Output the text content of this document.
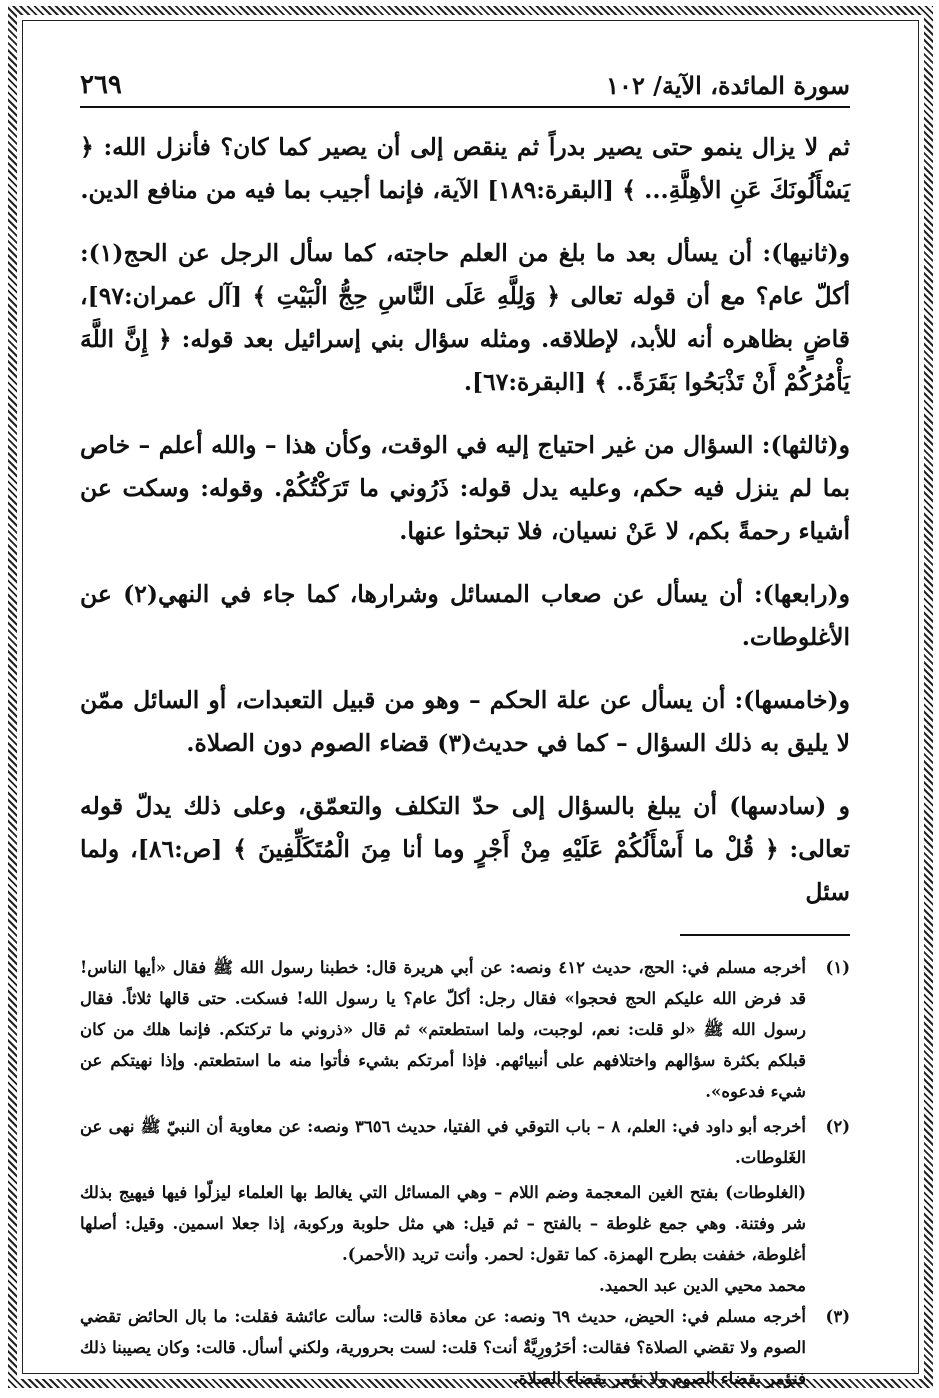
سورة المائدة، الآية/ ١٠٢
٢٦٩

ثم لا يزال ينمو حتى يصير بدراً ثم ينقص إلى أن يصير كما كان؟ فأنزل الله: ﴿ يَسْأَلُونَكَ عَنِ الأهِلَّةِ... ﴾ [البقرة:١٨٩] الآية، فإنما أجيب بما فيه من منافع الدين.

و(ثانيها): أن يسأل بعد ما بلغ من العلم حاجته، كما سأل الرجل عن الحج(١): أكلّ عام؟ مع أن قوله تعالى ﴿ وَلِلَّهِ عَلَى النَّاسِ حِجُّ الْبَيْتِ ﴾ [آل عمران:٩٧]، قاضٍ بظاهره أنه للأبد، لإطلاقه. ومثله سؤال بني إسرائيل بعد قوله: ﴿ إِنَّ اللَّهَ يَأْمُرُكُمْ أَنْ تَذْبَحُوا بَقَرَةً.. ﴾ [البقرة:٦٧].

و(ثالثها): السؤال من غير احتياج إليه في الوقت، وكأن هذا – والله أعلم – خاص بما لم ينزل فيه حكم، وعليه يدل قوله: ذَرُوني ما تَرَكْتُكُمْ. وقوله: وسكت عن أشياء رحمةً بكم، لا عَنْ نسيان، فلا تبحثوا عنها.

و(رابعها): أن يسأل عن صعاب المسائل وشرارها، كما جاء في النهي(٢) عن الأغلوطات.

و(خامسها): أن يسأل عن علة الحكم – وهو من قبيل التعبدات، أو السائل ممّن لا يليق به ذلك السؤال – كما في حديث(٣) قضاء الصوم دون الصلاة.

و (سادسها) أن يبلغ بالسؤال إلى حدّ التكلف والتعمّق، وعلى ذلك يدلّ قوله تعالى: ﴿ قُلْ ما أَسْأَلُكُمْ عَلَيْهِ مِنْ أَجْرٍ وما أنا مِنَ الْمُتَكَلِّفِينَ ﴾ [ص:٨٦]، ولما سئل

(١)
أخرجه مسلم في: الحج، حديث ٤١٢ ونصه: عن أبي هريرة قال: خطبنا رسول الله ﷺ فقال «أيها الناس! قد فرض الله عليكم الحج فحجوا» فقال رجل: أكلّ عام؟ يا رسول الله! فسكت. حتى قالها ثلاثاً. فقال رسول الله ﷺ «لو قلت: نعم، لوجبت، ولما استطعتم» ثم قال «ذروني ما تركتكم. فإنما هلك من كان قبلكم بكثرة سؤالهم واختلافهم على أنبيائهم. فإذا أمرتكم بشيء فأتوا منه ما استطعتم. وإذا نهيتكم عن شيء فدعوه».
(٢)
أخرجه أبو داود في: العلم، ٨ – باب التوقي في الفتيا، حديث ٣٦٥٦ ونصه: عن معاوية أن النبيّ ﷺ نهى عن الغَلوطات.
(الغلوطات) بفتح الغين المعجمة وضم اللام – وهي المسائل التي يغالط بها العلماء ليزلّوا فيها فيهيج بذلك شر وفتنة. وهي جمع غلوطة – بالفتح – ثم قيل: هي مثل حلوبة وركوبة، إذا جعلا اسمين. وقيل: أصلها أغلوطة، خففت بطرح الهمزة. كما تقول: لحمر. وأنت تريد (الأحمر).
محمد محيي الدين عبد الحميد.
(٣)
أخرجه مسلم في: الحيض، حديث ٦٩ ونصه: عن معاذة قالت: سألت عائشة فقلت: ما بال الحائض تقضي الصوم ولا تقضي الصلاة؟ فقالت: أحَرُورِيَّةٌ أنت؟ قلت: لست بحرورية، ولكني أسأل. قالت: وكان يصيبنا ذلك فنؤمر بقضاء الصوم ولا نؤمر بقضاء الصلاة.
